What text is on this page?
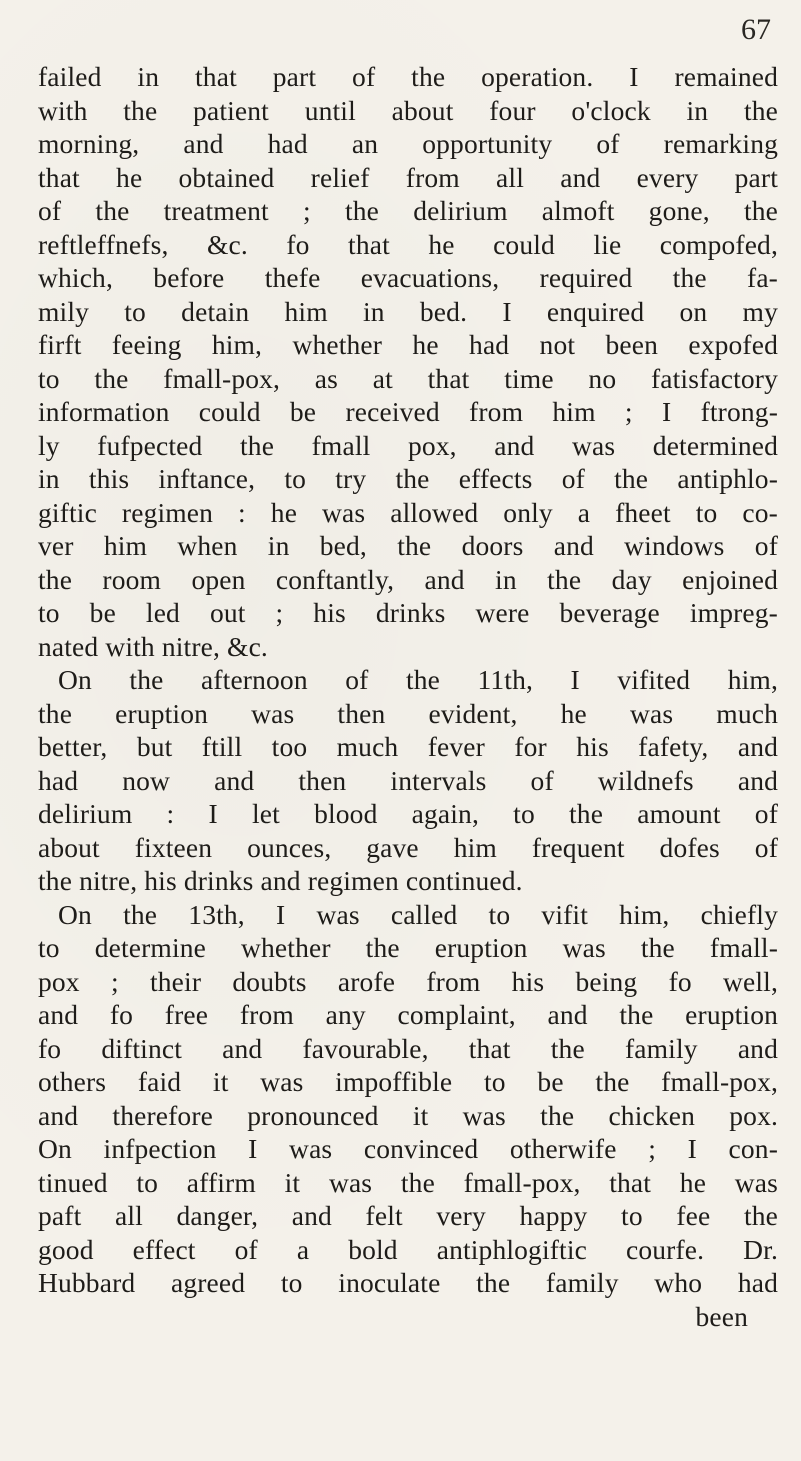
67
failed in that part of the operation. I remained
with the patient until about four o'clock in the
morning, and had an opportunity of remarking
that he obtained relief from all and every part
of the treatment ; the delirium almoft gone, the
reftleffnefs, &c. fo that he could lie compofed,
which, before thefe evacuations, required the fa-
mily to detain him in bed. I enquired on my
firft feeing him, whether he had not been expofed
to the fmall-pox, as at that time no fatisfactory
information could be received from him ; I ftrong-
ly fufpected the fmall pox, and was determined
in this inftance, to try the effects of the antiphlo-
giftic regimen : he was allowed only a fheet to co-
ver him when in bed, the doors and windows of
the room open conftantly, and in the day enjoined
to be led out ; his drinks were beverage impreg-
nated with nitre, &c.
On the afternoon of the 11th, I vifited him,
the eruption was then evident, he was much
better, but ftill too much fever for his fafety, and
had now and then intervals of wildnefs and
delirium : I let blood again, to the amount of
about fixteen ounces, gave him frequent dofes of
the nitre, his drinks and regimen continued.
On the 13th, I was called to vifit him, chiefly
to determine whether the eruption was the fmall-
pox ; their doubts arofe from his being fo well,
and fo free from any complaint, and the eruption
fo diftinct and favourable, that the family and
others faid it was impoffible to be the fmall-pox,
and therefore pronounced it was the chicken pox.
On infpection I was convinced otherwife ; I con-
tinued to affirm it was the fmall-pox, that he was
paft all danger, and felt very happy to fee the
good effect of a bold antiphlogiftic courfe. Dr.
Hubbard agreed to inoculate the family who had
been
